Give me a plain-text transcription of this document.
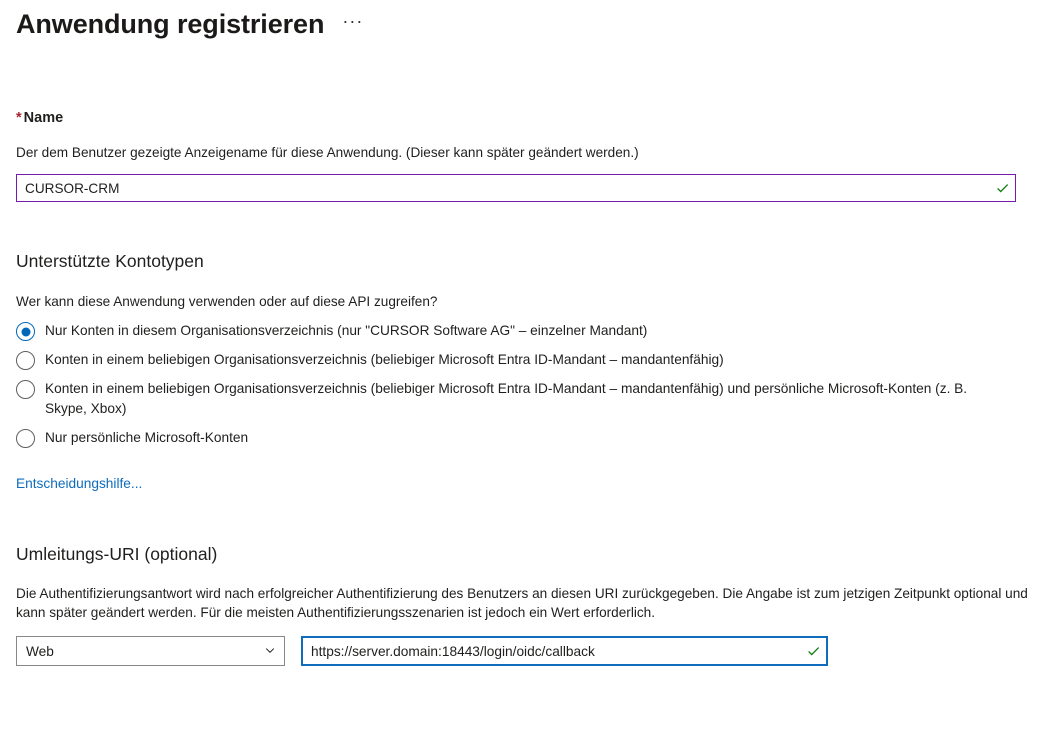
Anwendung registrieren ···
* Name
Der dem Benutzer gezeigte Anzeigename für diese Anwendung. (Dieser kann später geändert werden.)
CURSOR-CRM
Unterstützte Kontotypen
Wer kann diese Anwendung verwenden oder auf diese API zugreifen?
Nur Konten in diesem Organisationsverzeichnis (nur "CURSOR Software AG" – einzelner Mandant)
Konten in einem beliebigen Organisationsverzeichnis (beliebiger Microsoft Entra ID-Mandant – mandantenfähig)
Konten in einem beliebigen Organisationsverzeichnis (beliebiger Microsoft Entra ID-Mandant – mandantenfähig) und persönliche Microsoft-Konten (z. B. Skype, Xbox)
Nur persönliche Microsoft-Konten
Entscheidungshilfe...
Umleitungs-URI (optional)
Die Authentifizierungsantwort wird nach erfolgreicher Authentifizierung des Benutzers an diesen URI zurückgegeben. Die Angabe ist zum jetzigen Zeitpunkt optional und kann später geändert werden. Für die meisten Authentifizierungsszenarien ist jedoch ein Wert erforderlich.
Web
https://server.domain:18443/login/oidc/callback
